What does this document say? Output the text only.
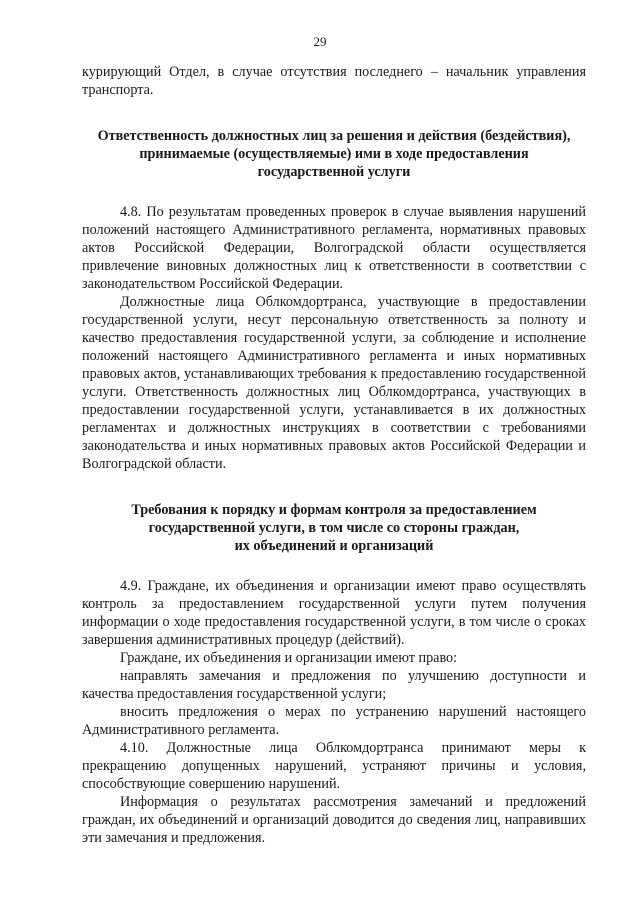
29

курирующий Отдел, в случае отсутствия последнего – начальник управления транспорта.

Ответственность должностных лиц за решения и действия (бездействия),
принимаемые (осуществляемые) ими в ходе предоставления
государственной услуги

4.8. По результатам проведенных проверок в случае выявления нарушений положений настоящего Административного регламента, нормативных правовых актов Российской Федерации, Волгоградской области осуществляется привлечение виновных должностных лиц к ответственности в соответствии с законодательством Российской Федерации.

Должностные лица Облкомдортранса, участвующие в предоставлении государственной услуги, несут персональную ответственность за полноту и качество предоставления государственной услуги, за соблюдение и исполнение положений настоящего Административного регламента и иных нормативных правовых актов, устанавливающих требования к предоставлению государственной услуги. Ответственность должностных лиц Облкомдортранса, участвующих в предоставлении государственной услуги, устанавливается в их должностных регламентах и должностных инструкциях в соответствии с требованиями законодательства и иных нормативных правовых актов Российской Федерации и Волгоградской области.

Требования к порядку и формам контроля за предоставлением
государственной услуги, в том числе со стороны граждан,
их объединений и организаций

4.9. Граждане, их объединения и организации имеют право осуществлять контроль за предоставлением государственной услуги путем получения информации о ходе предоставления государственной услуги, в том числе о сроках завершения административных процедур (действий).

Граждане, их объединения и организации имеют право:

направлять замечания и предложения по улучшению доступности и качества предоставления государственной услуги;

вносить предложения о мерах по устранению нарушений настоящего Административного регламента.

4.10. Должностные лица Облкомдортранса принимают меры к прекращению допущенных нарушений, устраняют причины и условия, способствующие совершению нарушений.

Информация о результатах рассмотрения замечаний и предложений граждан, их объединений и организаций доводится до сведения лиц, направивших эти замечания и предложения.
